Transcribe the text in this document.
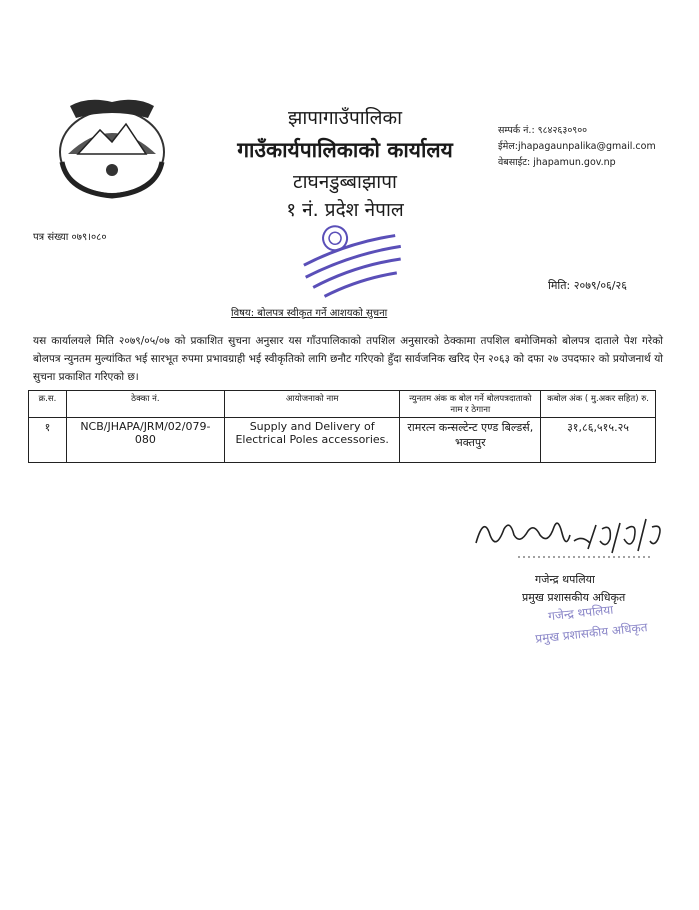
झापागाउँपालिका
गाउँकार्यपालिकाको कार्यालय
टाघनडुब्बाझापा
१ नं. प्रदेश नेपाल
सम्पर्क नं.: ९८४२६३०९००
ईमेल:jhapagaunpalika@gmail.com
वेबसाईट: jhapamun.gov.np
पत्र संख्या ०७९।०८०
मिति: २०७९/०६/२६
विषय: बोलपत्र स्वीकृत गर्ने आशयको सुचना
यस कार्यालयले मिति २०७९/०५/०७ को प्रकाशित सुचना अनुसार यस गाँउपालिकाको तपशिल अनुसारको ठेक्कामा तपशिल बमोजिमको बोलपत्र दाताले पेश गरेको बोलपत्र न्युनतम मुल्यांकित भई सारभूत रुपमा प्रभावग्राही भई स्वीकृतिको लागि छनौट गरिएको हुँदा सार्वजनिक खरिद ऐन २०६३ को दफा २७ उपदफा२ को प्रयोजनार्थ यो सुचना प्रकाशित गरिएको छ।
क्र.स.	ठेक्का नं.	आयोजनाको नाम	न्युनतम अंक क बोल गर्ने बोलपत्रदाताको नाम र ठेगाना	कबोल अंक ( मु.अकर सहित) रु.
१	NCB/JHAPA/JRM/02/079-080	Supply and Delivery of Electrical Poles accessories.	रामरत्न कन्सल्टेन्ट एण्ड बिल्डर्स, भक्तपुर	३१,८६,५१५.२५
गजेन्द्र थपलिया
प्रमुख प्रशासकीय अधिकृत
गजेन्द्र थपलिया
प्रमुख प्रशासकीय अधिकृत
